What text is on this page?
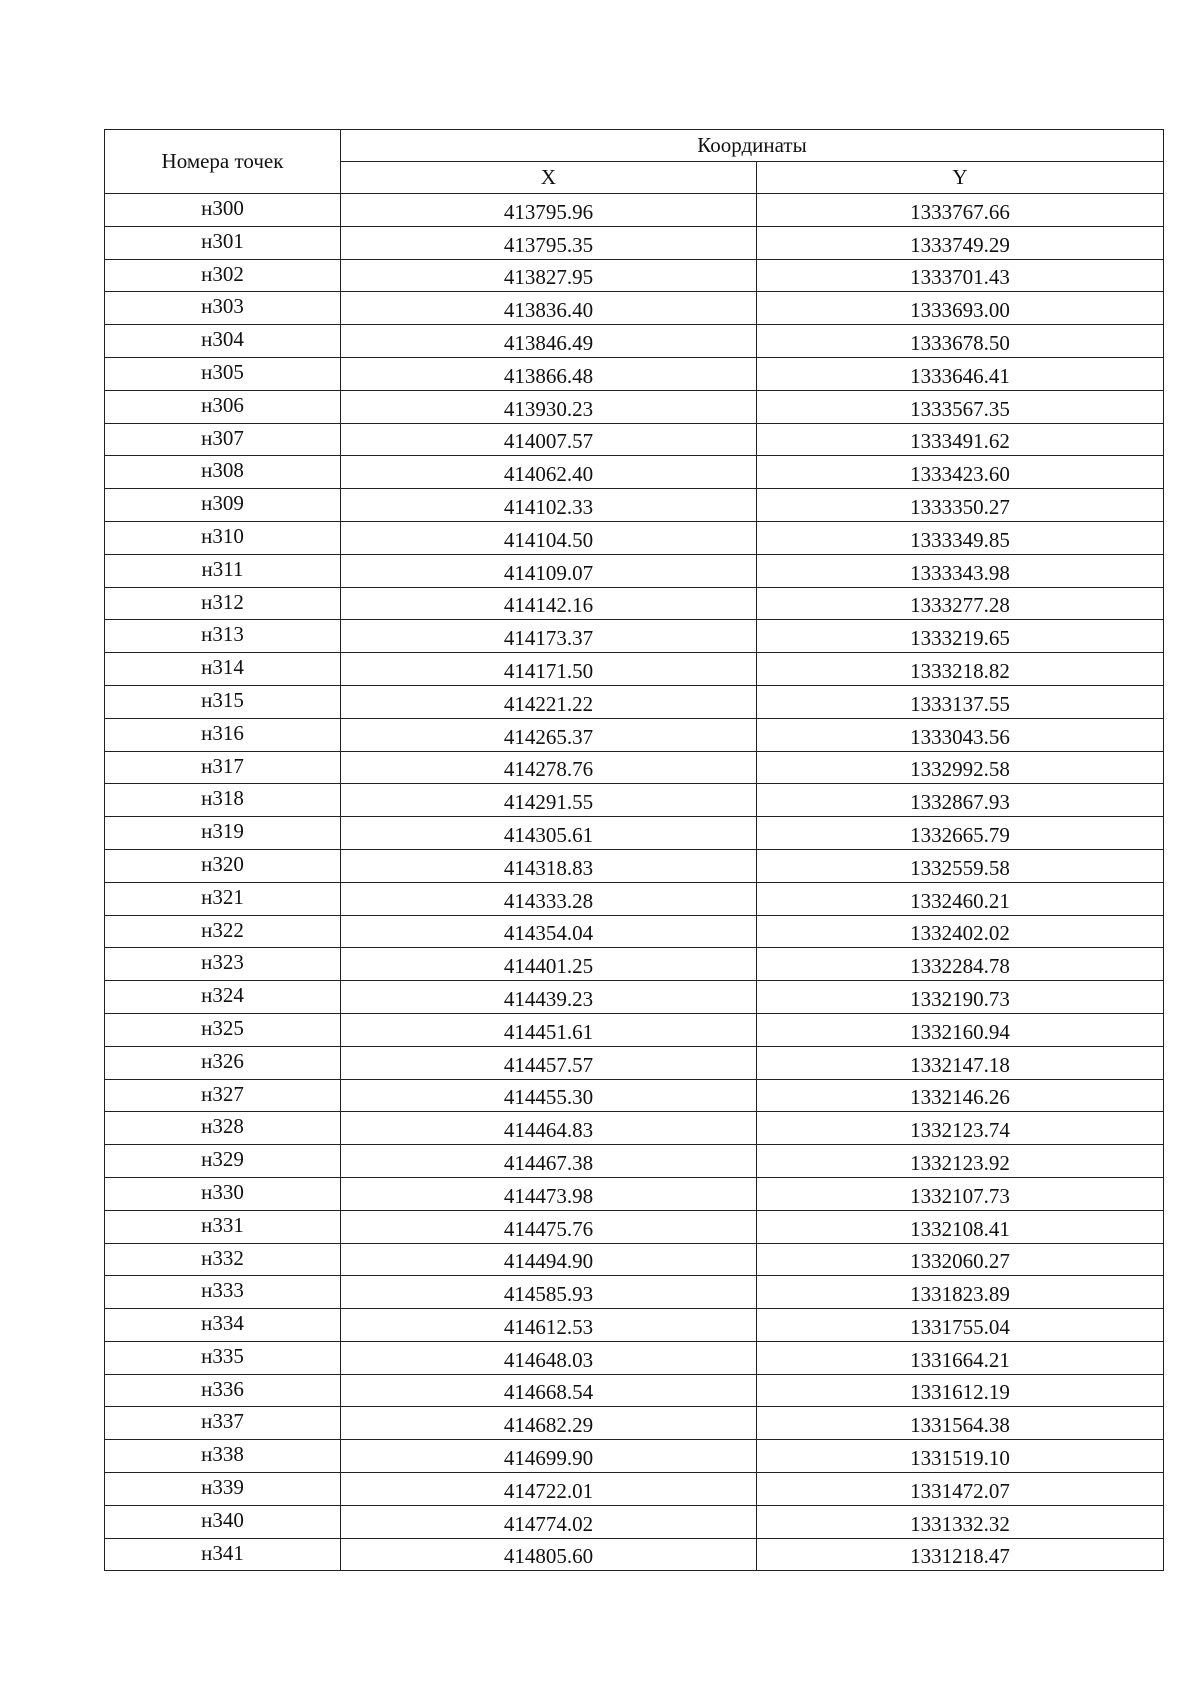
Номера точек	Координаты	
	X	Y
н300	413795.96	1333767.66
н301	413795.35	1333749.29
н302	413827.95	1333701.43
н303	413836.40	1333693.00
н304	413846.49	1333678.50
н305	413866.48	1333646.41
н306	413930.23	1333567.35
н307	414007.57	1333491.62
н308	414062.40	1333423.60
н309	414102.33	1333350.27
н310	414104.50	1333349.85
н311	414109.07	1333343.98
н312	414142.16	1333277.28
н313	414173.37	1333219.65
н314	414171.50	1333218.82
н315	414221.22	1333137.55
н316	414265.37	1333043.56
н317	414278.76	1332992.58
н318	414291.55	1332867.93
н319	414305.61	1332665.79
н320	414318.83	1332559.58
н321	414333.28	1332460.21
н322	414354.04	1332402.02
н323	414401.25	1332284.78
н324	414439.23	1332190.73
н325	414451.61	1332160.94
н326	414457.57	1332147.18
н327	414455.30	1332146.26
н328	414464.83	1332123.74
н329	414467.38	1332123.92
н330	414473.98	1332107.73
н331	414475.76	1332108.41
н332	414494.90	1332060.27
н333	414585.93	1331823.89
н334	414612.53	1331755.04
н335	414648.03	1331664.21
н336	414668.54	1331612.19
н337	414682.29	1331564.38
н338	414699.90	1331519.10
н339	414722.01	1331472.07
н340	414774.02	1331332.32
н341	414805.60	1331218.47
